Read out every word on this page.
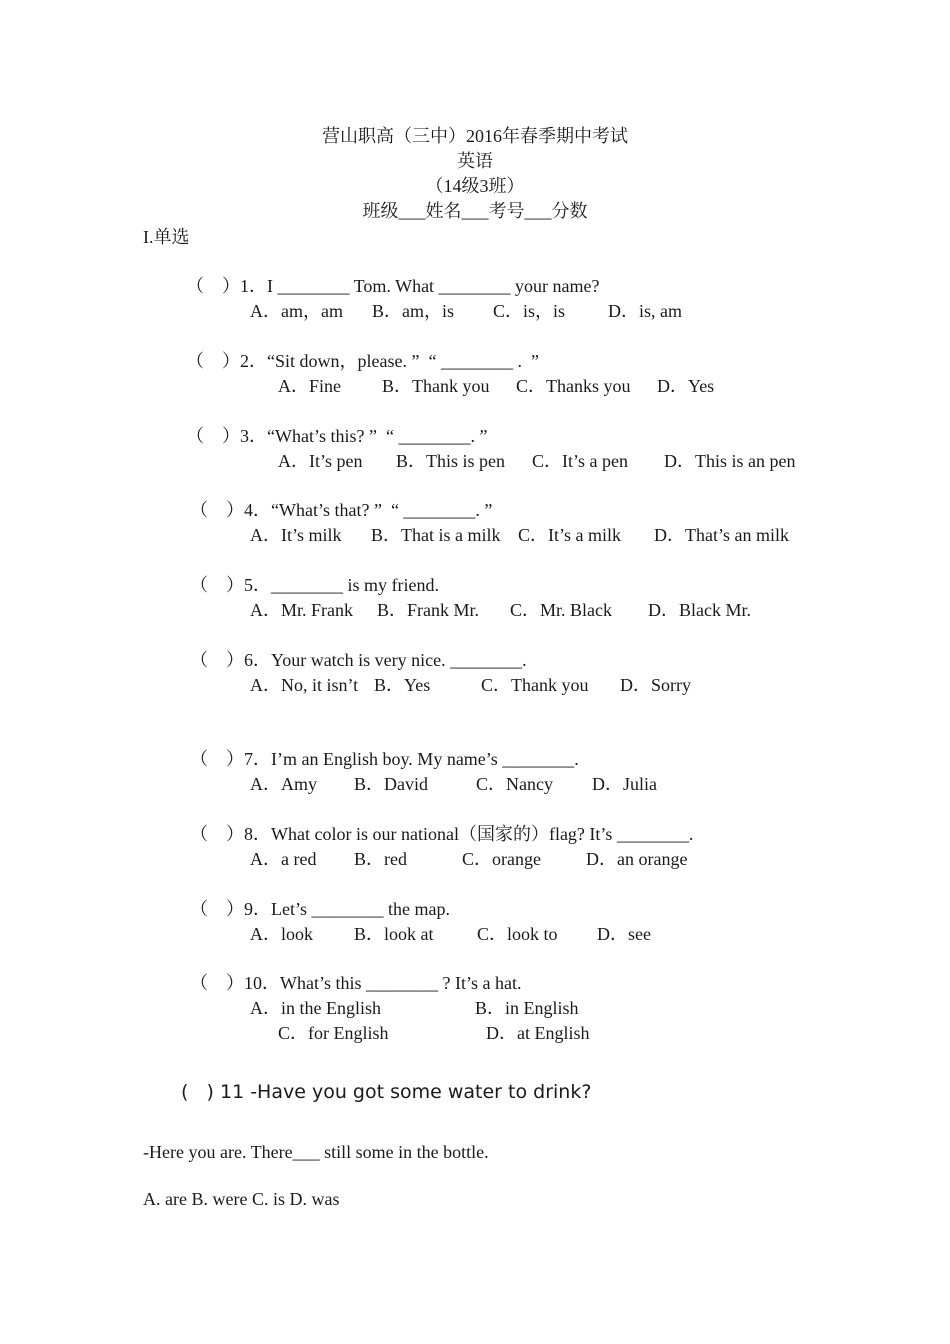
营山职高（三中）2016年春季期中考试
英语
（14级3班）
班级___姓名___考号___分数
I.单选
（　）1．I ________ Tom. What ________ your name?
A．am，am B．am，is C．is，is D．is, am
（　）2．“Sit down，please. ”  “ ________ .  ”
A．Fine B．Thank you C．Thanks you D．Yes
（　）3．“What’s this? ”  “ ________. ”
A．It’s pen B．This is pen C．It’s a pen D．This is an pen
（　）4．“What’s that? ”  “ ________. ”
A．It’s milk B．That is a milk C．It’s a milk D．That’s an milk
（　）5．________ is my friend.
A．Mr. Frank B．Frank Mr. C．Mr. Black D．Black Mr.
（　）6．Your watch is very nice. ________.
A．No, it isn’t B．Yes	C．Thank you D．Sorry
（　）7．I’m an English boy. My name’s ________.
A．Amy B．David	C．Nancy D．Julia
（　）8．What color is our national（国家的）flag? It’s ________.
A．a red B．red	C．orange	D．an orange
（　）9．Let’s ________ the map.
A．look B．look at C．look to D．see
（　）10．What’s this ________ ? It’s a hat.
A．in the English	B．in English
C．for English	D．at English
(   ) 11 -Have you got some water to drink?
-Here you are. There___ still some in the bottle.
A. are B. were C. is D. was
